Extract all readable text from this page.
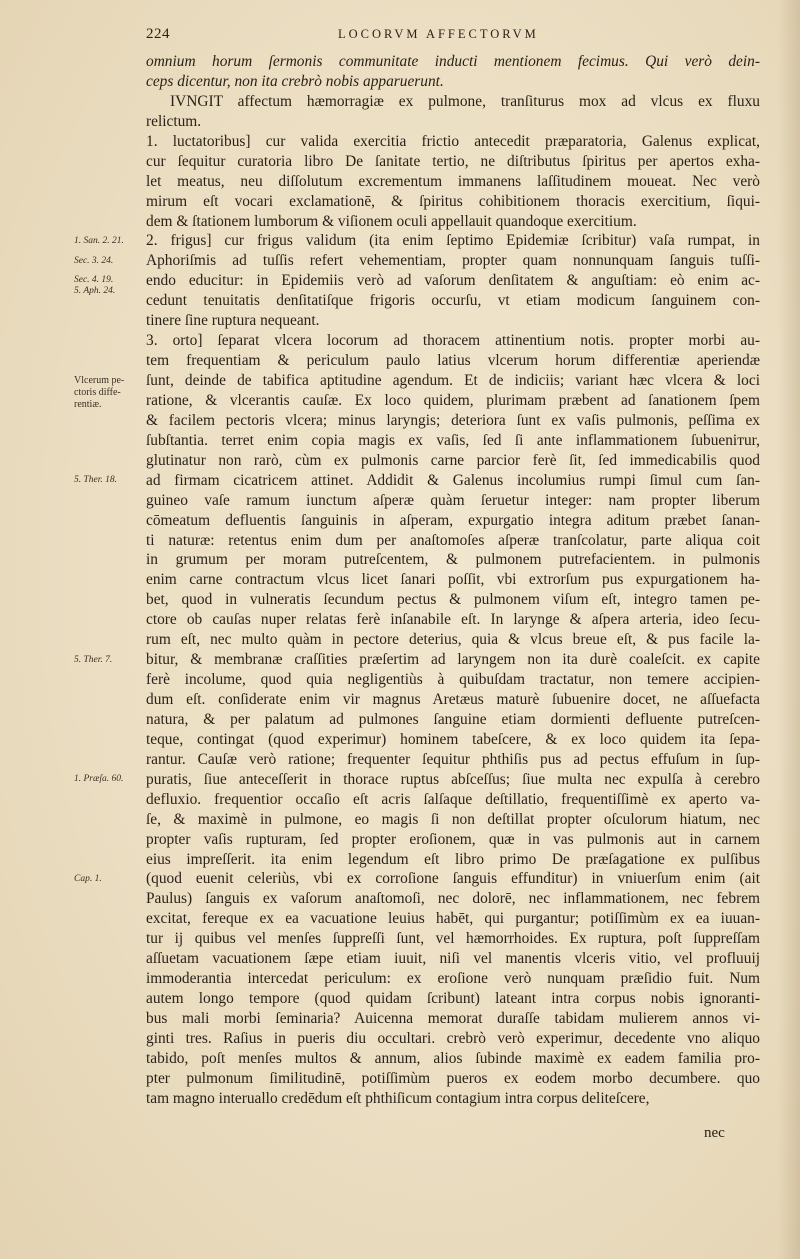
224	LOCORVM AFFECTORVM
omnium horum ſermonis communitate inducti mentionem fecimus. Qui verò dein-
ceps dicentur, non ita crebrò nobis apparuerunt.
IVNGIT affectum hæmorragiæ ex pulmone, tranſiturus mox ad vlcus ex fluxu
relictum.
1. luctatoribus] cur valida exercitia frictio antecedit præparatoria, Galenus explicat,
cur ſequitur curatoria libro De ſanitate tertio, ne diſtributus ſpiritus per apertos exha-
let meatus, neu diſſolutum excrementum immanens laſſitudinem moueat. Nec verò
mirum eſt vocari exclamationē, & ſpiritus cohibitionem thoracis exercitium, ſiqui-
dem & ſtationem lumborum & viſionem oculi appellauit quandoque exercitium.
2. frigus] cur frigus validum (ita enim ſeptimo Epidemiæ ſcribitur) vaſa rumpat, in
Aphoriſmis ad tuſſis refert vehementiam, propter quam nonnunquam ſanguis tuſſi-
endo educitur: in Epidemiis verò ad vaſorum denſitatem & anguſtiam: eò enim ac-
cedunt tenuitatis denſitatiſque frigoris occurſu, vt etiam modicum ſanguinem con-
tinere ſine ruptura nequeant.
3. orto] ſeparat vlcera locorum ad thoracem attinentium notis. propter morbi au-
tem frequentiam & periculum paulo latius vlcerum horum differentiæ aperiendæ
ſunt, deinde de tabifica aptitudine agendum. Et de indiciis; variant hæc vlcera & loci
ratione, & vlcerantis cauſæ. Ex loco quidem, plurimam præbent ad ſanationem ſpem
& facilem pectoris vlcera; minus laryngis; deteriora ſunt ex vaſis pulmonis, peſſima ex
ſubſtantia. terret enim copia magis ex vaſis, ſed ſi ante inflammationem ſubueniтur,
glutinatur non rarò, cùm ex pulmonis carne parcior ferè ſit, ſed immedicabilis quod
ad firmam cicatricem attinet. Addidit & Galenus incolumius rumpi ſimul cum ſan-
guineo vaſe ramum iunctum aſperæ quàm ſeruetur integer: nam propter liberum
cōmeatum defluentis ſanguinis in aſperam, expurgatio integra aditum præbet ſanan-
ti naturæ: retentus enim dum per anaſtomoſes aſperæ tranſcolatur, parte aliqua coit
in grumum per moram putreſcentem, & pulmonem putrefacientem. in pulmonis
enim carne contractum vlcus licet ſanari poſſit, vbi extrorſum pus expurgationem ha-
bet, quod in vulneratis ſecundum pectus & pulmonem viſum eſt, integro tamen pe-
ctore ob cauſas nuper relatas ferè inſanabile eſt. In larynge & aſpera arteria, ideo ſecu-
rum eſt, nec multo quàm in pectore deterius, quia & vlcus breue eſt, & pus facile la-
bitur, & membranæ craſſities præſertim ad laryngem non ita durè coaleſcit. ex capite
ferè incolume, quod quia negligentiùs à quibuſdam tractatur, non temere accipien-
dum eſt. conſiderate enim vir magnus Aretæus maturè ſubuenire docet, ne aſſuefacta
natura, & per palatum ad pulmones ſanguine etiam dormienti defluente putreſcen-
teque, contingat (quod experimur) hominem tabeſcere, & ex loco quidem ita ſepa-
rantur. Cauſæ verò ratione; frequenter ſequitur phthiſis pus ad pectus effuſum in ſup-
puratis, ſiue anteceſſerit in thorace ruptus abſceſſus; ſiue multa nec expulſa à cerebro
defluxio. frequentior occaſio eſt acris ſalſaque deſtillatio, frequentiſſimè ex aperto va-
ſe, & maximè in pulmone, eo magis ſi non deſtillat propter oſculorum hiatum, nec
propter vaſis rupturam, ſed propter eroſionem, quæ in vas pulmonis aut in carnem
eius impreſſerit. ita enim legendum eſt libro primo De præſagatione ex pulſibus
(quod euenit celeriùs, vbi ex corroſione ſanguis effunditur) in vniuerſum enim (ait
Paulus) ſanguis ex vaſorum anaſtomoſi, nec dolorē, nec inflammationem, nec febrem
excitat, fereque ex ea vacuatione leuius habēt, qui purgantur; potiſſimùm ex ea iuuan-
tur ij quibus vel menſes ſuppreſſi ſunt, vel hæmorrhoides. Ex ruptura, poſt ſuppreſſam
aſſuetam vacuationem ſæpe etiam iuuit, niſi vel manentis vlceris vitio, vel profluuij
immoderantia intercedat periculum: ex eroſione verò nunquam præſidio fuit. Num
autem longo tempore (quod quidam ſcribunt) lateant intra corpus nobis ignoranti-
bus mali morbi ſeminaria? Auicenna memorat duraſſe tabidam mulierem annos vi-
ginti tres. Raſius in pueris diu occultari. crebrò verò experimur, decedente vno aliquo
tabido, poſt menſes multos & annum, alios ſubinde maximè ex eadem familia pro-
pter pulmonum ſimilitudinē, potiſſimùm pueros ex eodem morbo decumbere. quo
tam magno interuallo credēdum eſt phthiſicum contagium intra corpus deliteſcere,
1. San. 2. 21.
Sec. 3. 24.
Sec. 4. 19.
5. Aph. 24.
Vlcerum pe-
ctoris diffe-
rentiæ.
5. Ther. 18.
5. Ther. 7.
1. Præſa. 60.
Cap. 1.
nec
